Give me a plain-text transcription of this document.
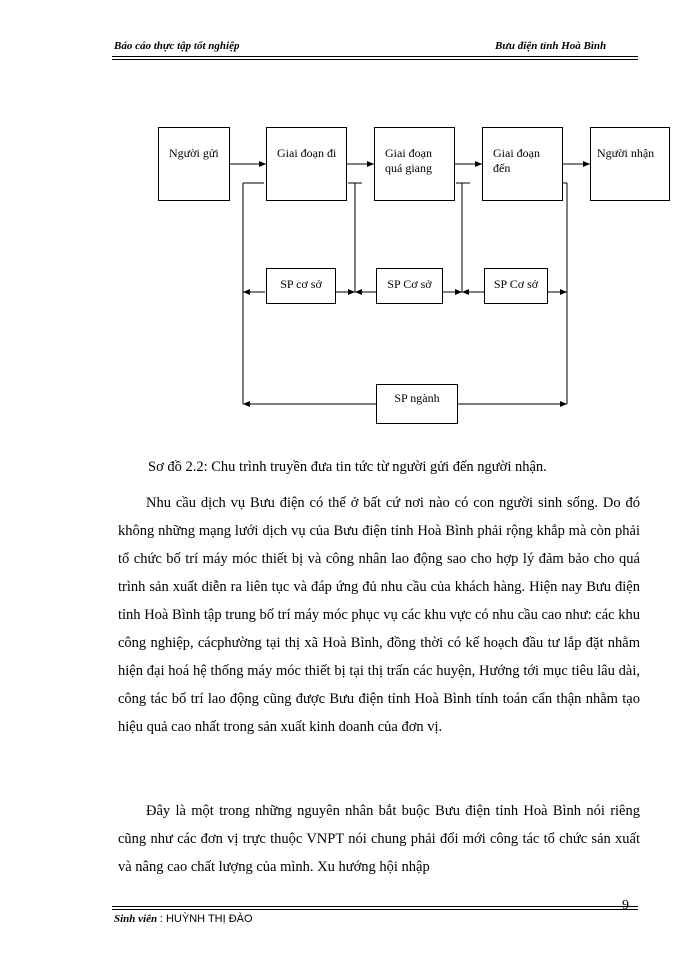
Báo cáo thực tập tốt nghiệp	Bưu điện tỉnh Hoà Bình
Người gửi	Giai đoạn đi	Giai đoạn
quá giang
Giai đoạn
đến
Người nhận
SP cơ sở	SP Cơ sở	SP Cơ sở
SP ngành
Sơ đồ 2.2: Chu trình truyền đưa tin tức từ người gửi đến người nhận.

Nhu cầu dịch vụ Bưu điện có thể ở bất cứ nơi nào có con người sinh sống. Do đó không những mạng lưới dịch vụ của Bưu điện tỉnh Hoà Bình phải rộng khắp mà còn phải tổ chức bố trí máy móc thiết bị và công nhân lao động sao cho hợp lý đảm bảo cho quá trình sản xuất diễn ra liên tục và đáp ứng đủ nhu cầu của khách hàng. Hiện nay Bưu điện tỉnh Hoà Bình tập trung bố trí máy móc phục vụ các khu vực có nhu cầu cao như: các khu công nghiệp, cácphường tại thị xã Hoà Bình, đồng thời có kế hoạch đầu tư lắp đặt nhằm hiện đại hoá hệ thống máy móc thiết bị tại thị trấn các huyện, Hướng tới mục tiêu lâu dài, công tác bố trí lao động cũng được Bưu điện tỉnh Hoà Bình tính toán cẩn thận nhằm tạo hiệu quả cao nhất trong sản xuất kinh doanh của đơn vị.

Đây là một trong những nguyên nhân bắt buộc Bưu điện tỉnh Hoà Bình nói riêng cũng như các đơn vị trực thuộc VNPT nói chung phải đổi mới công tác tổ chức sản xuất và nâng cao chất lượng của mình. Xu hướng hội nhập

9
Sinh viên : HUỲNH THỊ ĐÀO
